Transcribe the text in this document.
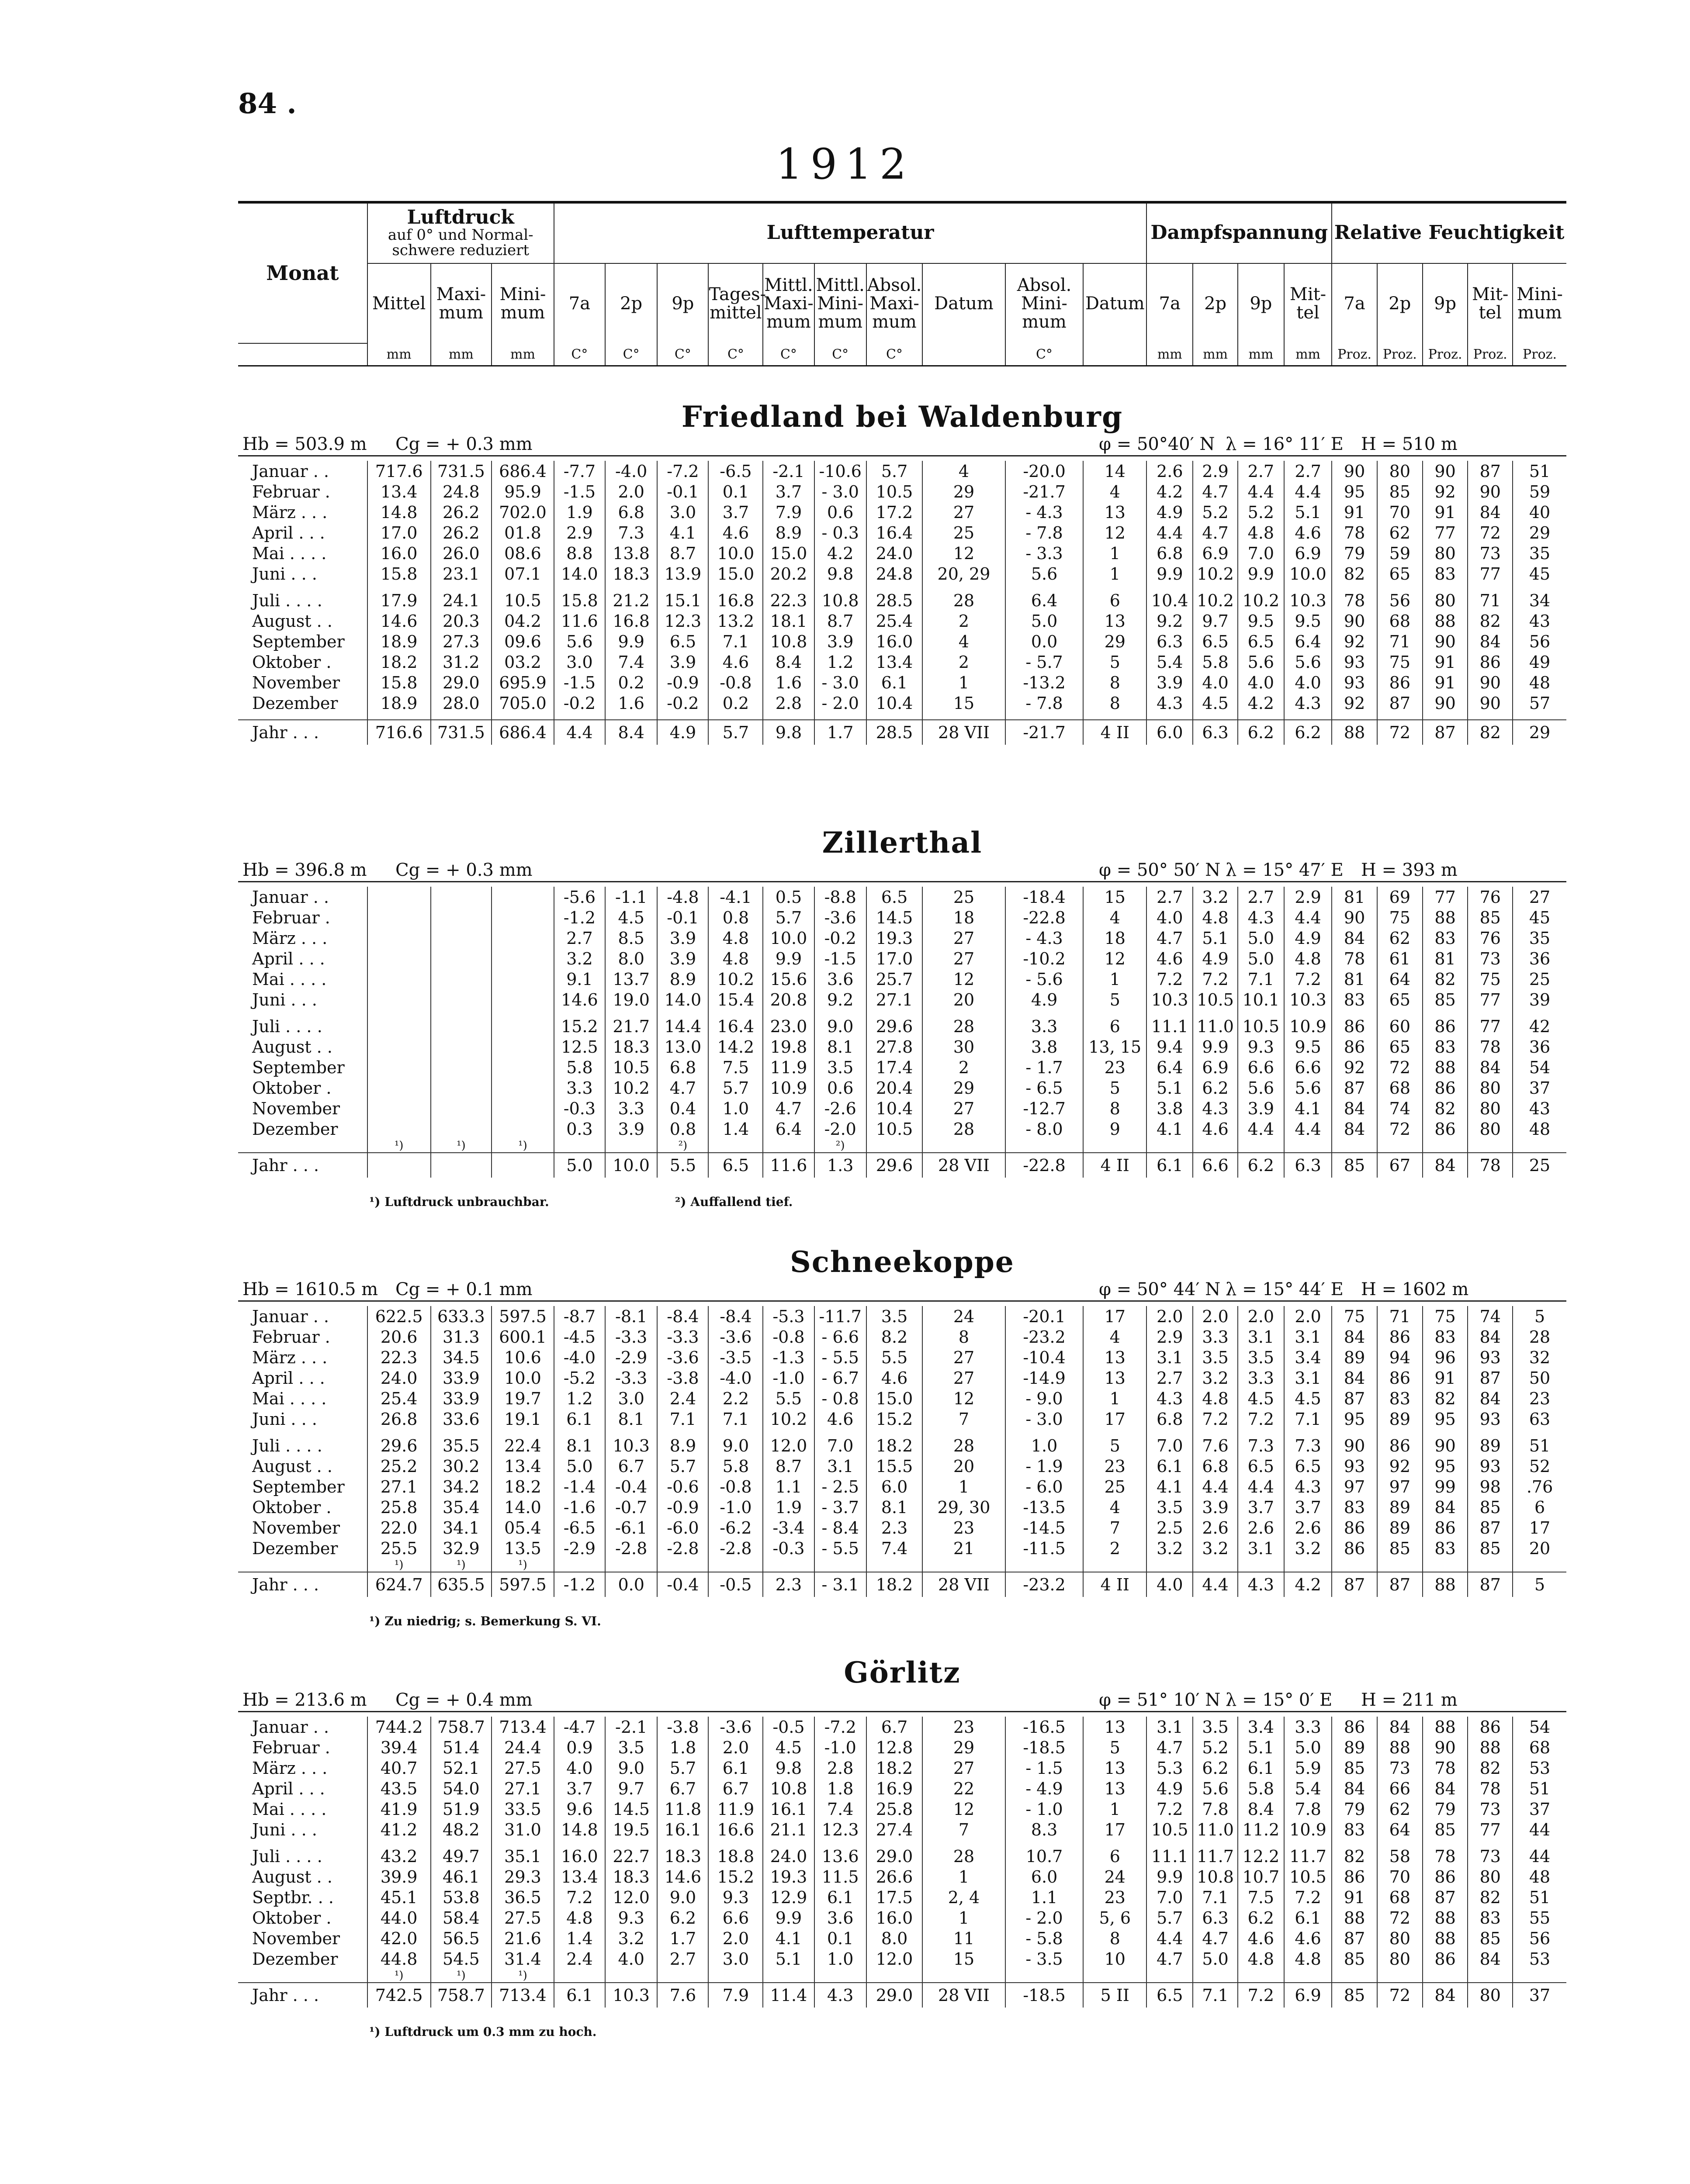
84 .
1912
Monat	Luftdruck
auf 0° und Normal-schwere reduziert			Lufttemperatur										Dampfspannung				Relative Feuchtigkeit				
	Mittel	Maxi-mum	Mini-mum	7a	2p	9p	Tages-mittel	Mittl. Maxi-mum	Mittl. Mini-mum	Absol. Maxi-mum	Datum	Absol. Mini-mum	Datum	7a	2p	9p	Mit-tel	7a	2p	9p	Mit-tel	Mini-mum
	mm	mm	mm	C°	C°	C°	C°	C°	C°	C°		C°		mm	mm	mm	mm	Proz.	Proz.	Proz.	Proz.	Proz.
Friedland bei Waldenburg
Hb = 503.9 m Cg = + 0.3 mm	φ = 50°40′ N λ = 16° 11′ E H = 510 m
Januar . .	717.6	731.5	686.4	-7.7	-4.0	-7.2	-6.5	-2.1	-10.6	5.7	4	-20.0	14	2.6	2.9	2.7	2.7	90	80	90	87	51
Februar .	13.4	24.8	95.9	-1.5	2.0	-0.1	0.1	3.7	- 3.0	10.5	29	-21.7	4	4.2	4.7	4.4	4.4	95	85	92	90	59
März . . .	14.8	26.2	702.0	1.9	6.8	3.0	3.7	7.9	0.6	17.2	27	- 4.3	13	4.9	5.2	5.2	5.1	91	70	91	84	40
April . . .	17.0	26.2	01.8	2.9	7.3	4.1	4.6	8.9	- 0.3	16.4	25	- 7.8	12	4.4	4.7	4.8	4.6	78	62	77	72	29
Mai . . . .	16.0	26.0	08.6	8.8	13.8	8.7	10.0	15.0	4.2	24.0	12	- 3.3	1	6.8	6.9	7.0	6.9	79	59	80	73	35
Juni . . .	15.8	23.1	07.1	14.0	18.3	13.9	15.0	20.2	9.8	24.8	20, 29	5.6	1	9.9	10.2	9.9	10.0	82	65	83	77	45

Juli . . . .	17.9	24.1	10.5	15.8	21.2	15.1	16.8	22.3	10.8	28.5	28	6.4	6	10.4	10.2	10.2	10.3	78	56	80	71	34
August . .	14.6	20.3	04.2	11.6	16.8	12.3	13.2	18.1	8.7	25.4	2	5.0	13	9.2	9.7	9.5	9.5	90	68	88	82	43
September	18.9	27.3	09.6	5.6	9.9	6.5	7.1	10.8	3.9	16.0	4	0.0	29	6.3	6.5	6.5	6.4	92	71	90	84	56
Oktober .	18.2	31.2	03.2	3.0	7.4	3.9	4.6	8.4	1.2	13.4	2	- 5.7	5	5.4	5.8	5.6	5.6	93	75	91	86	49
November	15.8	29.0	695.9	-1.5	0.2	-0.9	-0.8	1.6	- 3.0	6.1	1	-13.2	8	3.9	4.0	4.0	4.0	93	86	91	90	48
Dezember	18.9	28.0	705.0	-0.2	1.6	-0.2	0.2	2.8	- 2.0	10.4	15	- 7.8	8	4.3	4.5	4.2	4.3	92	87	90	90	57

Jahr . . .	716.6	731.5	686.4	4.4	8.4	4.9	5.7	9.8	1.7	28.5	28 VII	-21.7	4 II	6.0	6.3	6.2	6.2	88	72	87	82	29
Zillerthal
Hb = 396.8 m Cg = + 0.3 mm	φ = 50° 50′ N λ = 15° 47′ E H = 393 m
Januar . .				-5.6	-1.1	-4.8	-4.1	0.5	-8.8	6.5	25	-18.4	15	2.7	3.2	2.7	2.9	81	69	77	76	27
Februar .				-1.2	4.5	-0.1	0.8	5.7	-3.6	14.5	18	-22.8	4	4.0	4.8	4.3	4.4	90	75	88	85	45
März . . .				2.7	8.5	3.9	4.8	10.0	-0.2	19.3	27	- 4.3	18	4.7	5.1	5.0	4.9	84	62	83	76	35
April . . .				3.2	8.0	3.9	4.8	9.9	-1.5	17.0	27	-10.2	12	4.6	4.9	5.0	4.8	78	61	81	73	36
Mai . . . .				9.1	13.7	8.9	10.2	15.6	3.6	25.7	12	- 5.6	1	7.2	7.2	7.1	7.2	81	64	82	75	25
Juni . . .				14.6	19.0	14.0	15.4	20.8	9.2	27.1	20	4.9	5	10.3	10.5	10.1	10.3	83	65	85	77	39

Juli . . . .				15.2	21.7	14.4	16.4	23.0	9.0	29.6	28	3.3	6	11.1	11.0	10.5	10.9	86	60	86	77	42
August . .				12.5	18.3	13.0	14.2	19.8	8.1	27.8	30	3.8	13, 15	9.4	9.9	9.3	9.5	86	65	83	78	36
September				5.8	10.5	6.8	7.5	11.9	3.5	17.4	2	- 1.7	23	6.4	6.9	6.6	6.6	92	72	88	84	54
Oktober .				3.3	10.2	4.7	5.7	10.9	0.6	20.4	29	- 6.5	5	5.1	6.2	5.6	5.6	87	68	86	80	37
November				-0.3	3.3	0.4	1.0	4.7	-2.6	10.4	27	-12.7	8	3.8	4.3	3.9	4.1	84	74	82	80	43
Dezember				0.3	3.9	0.8	1.4	6.4	-2.0	10.5	28	- 8.0	9	4.1	4.6	4.4	4.4	84	72	86	80	48
	¹)	¹)	¹)			²)			²)													
Jahr . . .				5.0	10.0	5.5	6.5	11.6	1.3	29.6	28 VII	-22.8	4 II	6.1	6.6	6.2	6.3	85	67	84	78	25
¹) Luftdruck unbrauchbar.	²) Auffallend tief.
Schneekoppe
Hb = 1610.5 m Cg = + 0.1 mm	φ = 50° 44′ N λ = 15° 44′ E H = 1602 m
Januar . .	622.5	633.3	597.5	-8.7	-8.1	-8.4	-8.4	-5.3	-11.7	3.5	24	-20.1	17	2.0	2.0	2.0	2.0	75	71	75	74	5
Februar .	20.6	31.3	600.1	-4.5	-3.3	-3.3	-3.6	-0.8	- 6.6	8.2	8	-23.2	4	2.9	3.3	3.1	3.1	84	86	83	84	28
März . . .	22.3	34.5	10.6	-4.0	-2.9	-3.6	-3.5	-1.3	- 5.5	5.5	27	-10.4	13	3.1	3.5	3.5	3.4	89	94	96	93	32
April . . .	24.0	33.9	10.0	-5.2	-3.3	-3.8	-4.0	-1.0	- 6.7	4.6	27	-14.9	13	2.7	3.2	3.3	3.1	84	86	91	87	50
Mai . . . .	25.4	33.9	19.7	1.2	3.0	2.4	2.2	5.5	- 0.8	15.0	12	- 9.0	1	4.3	4.8	4.5	4.5	87	83	82	84	23
Juni . . .	26.8	33.6	19.1	6.1	8.1	7.1	7.1	10.2	4.6	15.2	7	- 3.0	17	6.8	7.2	7.2	7.1	95	89	95	93	63

Juli . . . .	29.6	35.5	22.4	8.1	10.3	8.9	9.0	12.0	7.0	18.2	28	1.0	5	7.0	7.6	7.3	7.3	90	86	90	89	51
August . .	25.2	30.2	13.4	5.0	6.7	5.7	5.8	8.7	3.1	15.5	20	- 1.9	23	6.1	6.8	6.5	6.5	93	92	95	93	52
September	27.1	34.2	18.2	-1.4	-0.4	-0.6	-0.8	1.1	- 2.5	6.0	1	- 6.0	25	4.1	4.4	4.4	4.3	97	97	99	98	.76
Oktober .	25.8	35.4	14.0	-1.6	-0.7	-0.9	-1.0	1.9	- 3.7	8.1	29, 30	-13.5	4	3.5	3.9	3.7	3.7	83	89	84	85	6
November	22.0	34.1	05.4	-6.5	-6.1	-6.0	-6.2	-3.4	- 8.4	2.3	23	-14.5	7	2.5	2.6	2.6	2.6	86	89	86	87	17
Dezember	25.5	32.9	13.5	-2.9	-2.8	-2.8	-2.8	-0.3	- 5.5	7.4	21	-11.5	2	3.2	3.2	3.1	3.2	86	85	83	85	20
	¹)	¹)	¹)																			
Jahr . . .	624.7	635.5	597.5	-1.2	0.0	-0.4	-0.5	2.3	- 3.1	18.2	28 VII	-23.2	4 II	4.0	4.4	4.3	4.2	87	87	88	87	5
¹) Zu niedrig; s. Bemerkung S. VI.
Görlitz
Hb = 213.6 m Cg = + 0.4 mm	φ = 51° 10′ N λ = 15° 0′ E H = 211 m
Januar . .	744.2	758.7	713.4	-4.7	-2.1	-3.8	-3.6	-0.5	-7.2	6.7	23	-16.5	13	3.1	3.5	3.4	3.3	86	84	88	86	54
Februar .	39.4	51.4	24.4	0.9	3.5	1.8	2.0	4.5	-1.0	12.8	29	-18.5	5	4.7	5.2	5.1	5.0	89	88	90	88	68
März . . .	40.7	52.1	27.5	4.0	9.0	5.7	6.1	9.8	2.8	18.2	27	- 1.5	13	5.3	6.2	6.1	5.9	85	73	78	82	53
April . . .	43.5	54.0	27.1	3.7	9.7	6.7	6.7	10.8	1.8	16.9	22	- 4.9	13	4.9	5.6	5.8	5.4	84	66	84	78	51
Mai . . . .	41.9	51.9	33.5	9.6	14.5	11.8	11.9	16.1	7.4	25.8	12	- 1.0	1	7.2	7.8	8.4	7.8	79	62	79	73	37
Juni . . .	41.2	48.2	31.0	14.8	19.5	16.1	16.6	21.1	12.3	27.4	7	8.3	17	10.5	11.0	11.2	10.9	83	64	85	77	44

Juli . . . .	43.2	49.7	35.1	16.0	22.7	18.3	18.8	24.0	13.6	29.0	28	10.7	6	11.1	11.7	12.2	11.7	82	58	78	73	44
August . .	39.9	46.1	29.3	13.4	18.3	14.6	15.2	19.3	11.5	26.6	1	6.0	24	9.9	10.8	10.7	10.5	86	70	86	80	48
Septbr. . .	45.1	53.8	36.5	7.2	12.0	9.0	9.3	12.9	6.1	17.5	2, 4	1.1	23	7.0	7.1	7.5	7.2	91	68	87	82	51
Oktober .	44.0	58.4	27.5	4.8	9.3	6.2	6.6	9.9	3.6	16.0	1	- 2.0	5, 6	5.7	6.3	6.2	6.1	88	72	88	83	55
November	42.0	56.5	21.6	1.4	3.2	1.7	2.0	4.1	0.1	8.0	11	- 5.8	8	4.4	4.7	4.6	4.6	87	80	88	85	56
Dezember	44.8	54.5	31.4	2.4	4.0	2.7	3.0	5.1	1.0	12.0	15	- 3.5	10	4.7	5.0	4.8	4.8	85	80	86	84	53
	¹)	¹)	¹)																			
Jahr . . .	742.5	758.7	713.4	6.1	10.3	7.6	7.9	11.4	4.3	29.0	28 VII	-18.5	5 II	6.5	7.1	7.2	6.9	85	72	84	80	37
¹) Luftdruck um 0.3 mm zu hoch.
